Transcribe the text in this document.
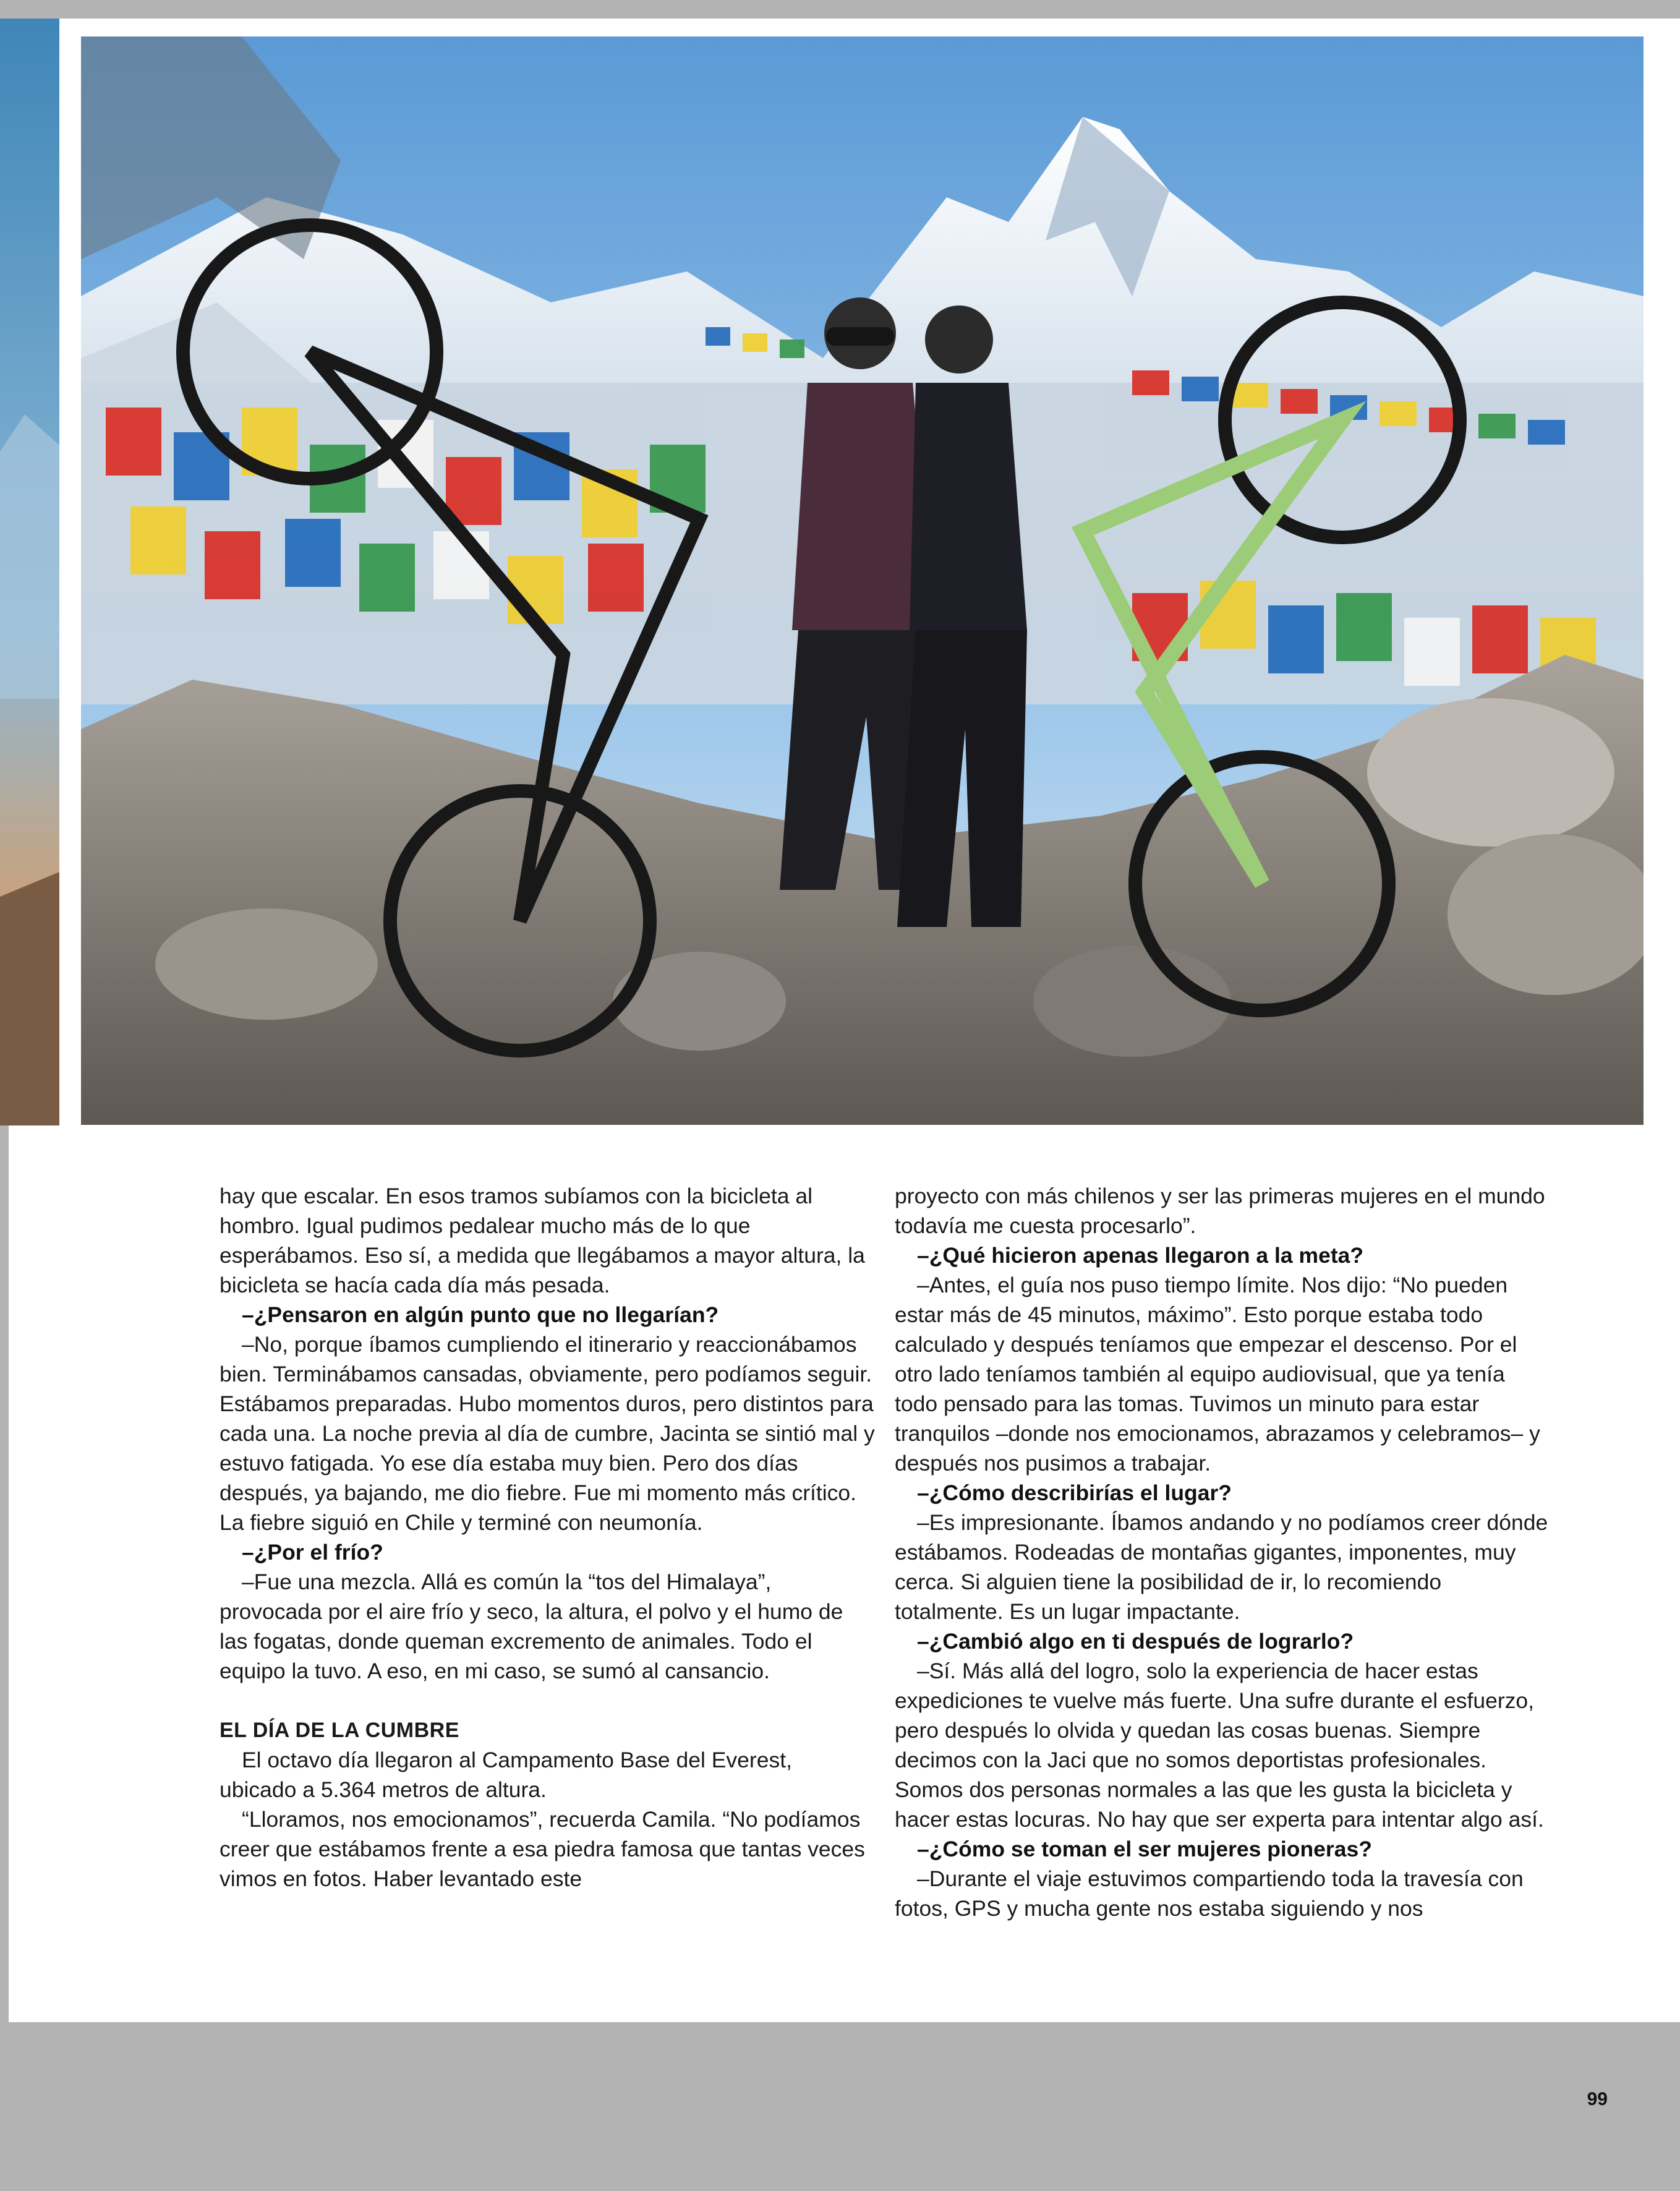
hay que escalar. En esos tramos subíamos con la bicicleta al hombro. Igual pudimos pedalear mucho más de lo que esperábamos. Eso sí, a medida que llegábamos a mayor altura, la bicicleta se hacía cada día más pesada.

–¿Pensaron en algún punto que no llegarían?

–No, porque íbamos cumpliendo el itinerario y reaccionábamos bien. Terminábamos cansadas, obviamente, pero podíamos seguir. Estábamos preparadas. Hubo momentos duros, pero distintos para cada una. La noche previa al día de cumbre, Jacinta se sintió mal y estuvo fatigada. Yo ese día estaba muy bien. Pero dos días después, ya bajando, me dio fiebre. Fue mi momento más crítico. La fiebre siguió en Chile y terminé con neumonía.

–¿Por el frío?

–Fue una mezcla. Allá es común la “tos del Himalaya”, provocada por el aire frío y seco, la altura, el polvo y el humo de las fogatas, donde queman excremento de animales. Todo el equipo la tuvo. A eso, en mi caso, se sumó al cansancio.

EL DÍA DE LA CUMBRE

El octavo día llegaron al Campamento Base del Everest, ubicado a 5.364 metros de altura.

“Lloramos, nos emocionamos”, recuerda Camila. “No podíamos creer que estábamos frente a esa piedra famosa que tantas veces vimos en fotos. Haber levantado este

proyecto con más chilenos y ser las primeras mujeres en el mundo todavía me cuesta procesarlo”.

–¿Qué hicieron apenas llegaron a la meta?

–Antes, el guía nos puso tiempo límite. Nos dijo: “No pueden estar más de 45 minutos, máximo”. Esto porque estaba todo calculado y después teníamos que empezar el descenso. Por el otro lado teníamos también al equipo audiovisual, que ya tenía todo pensado para las tomas. Tuvimos un minuto para estar tranquilos –donde nos emocionamos, abrazamos y celebramos– y después nos pusimos a trabajar.

–¿Cómo describirías el lugar?

–Es impresionante. Íbamos andando y no podíamos creer dónde estábamos. Rodeadas de montañas gigantes, imponentes, muy cerca. Si alguien tiene la posibilidad de ir, lo recomiendo totalmente. Es un lugar impactante.

–¿Cambió algo en ti después de lograrlo?

–Sí. Más allá del logro, solo la experiencia de hacer estas expediciones te vuelve más fuerte. Una sufre durante el esfuerzo, pero después lo olvida y quedan las cosas buenas. Siempre decimos con la Jaci que no somos deportistas profesionales. Somos dos personas normales a las que les gusta la bicicleta y hacer estas locuras. No hay que ser experta para intentar algo así.

–¿Cómo se toman el ser mujeres pioneras?

–Durante el viaje estuvimos compartiendo toda la travesía con fotos, GPS y mucha gente nos estaba siguiendo y nos

99
